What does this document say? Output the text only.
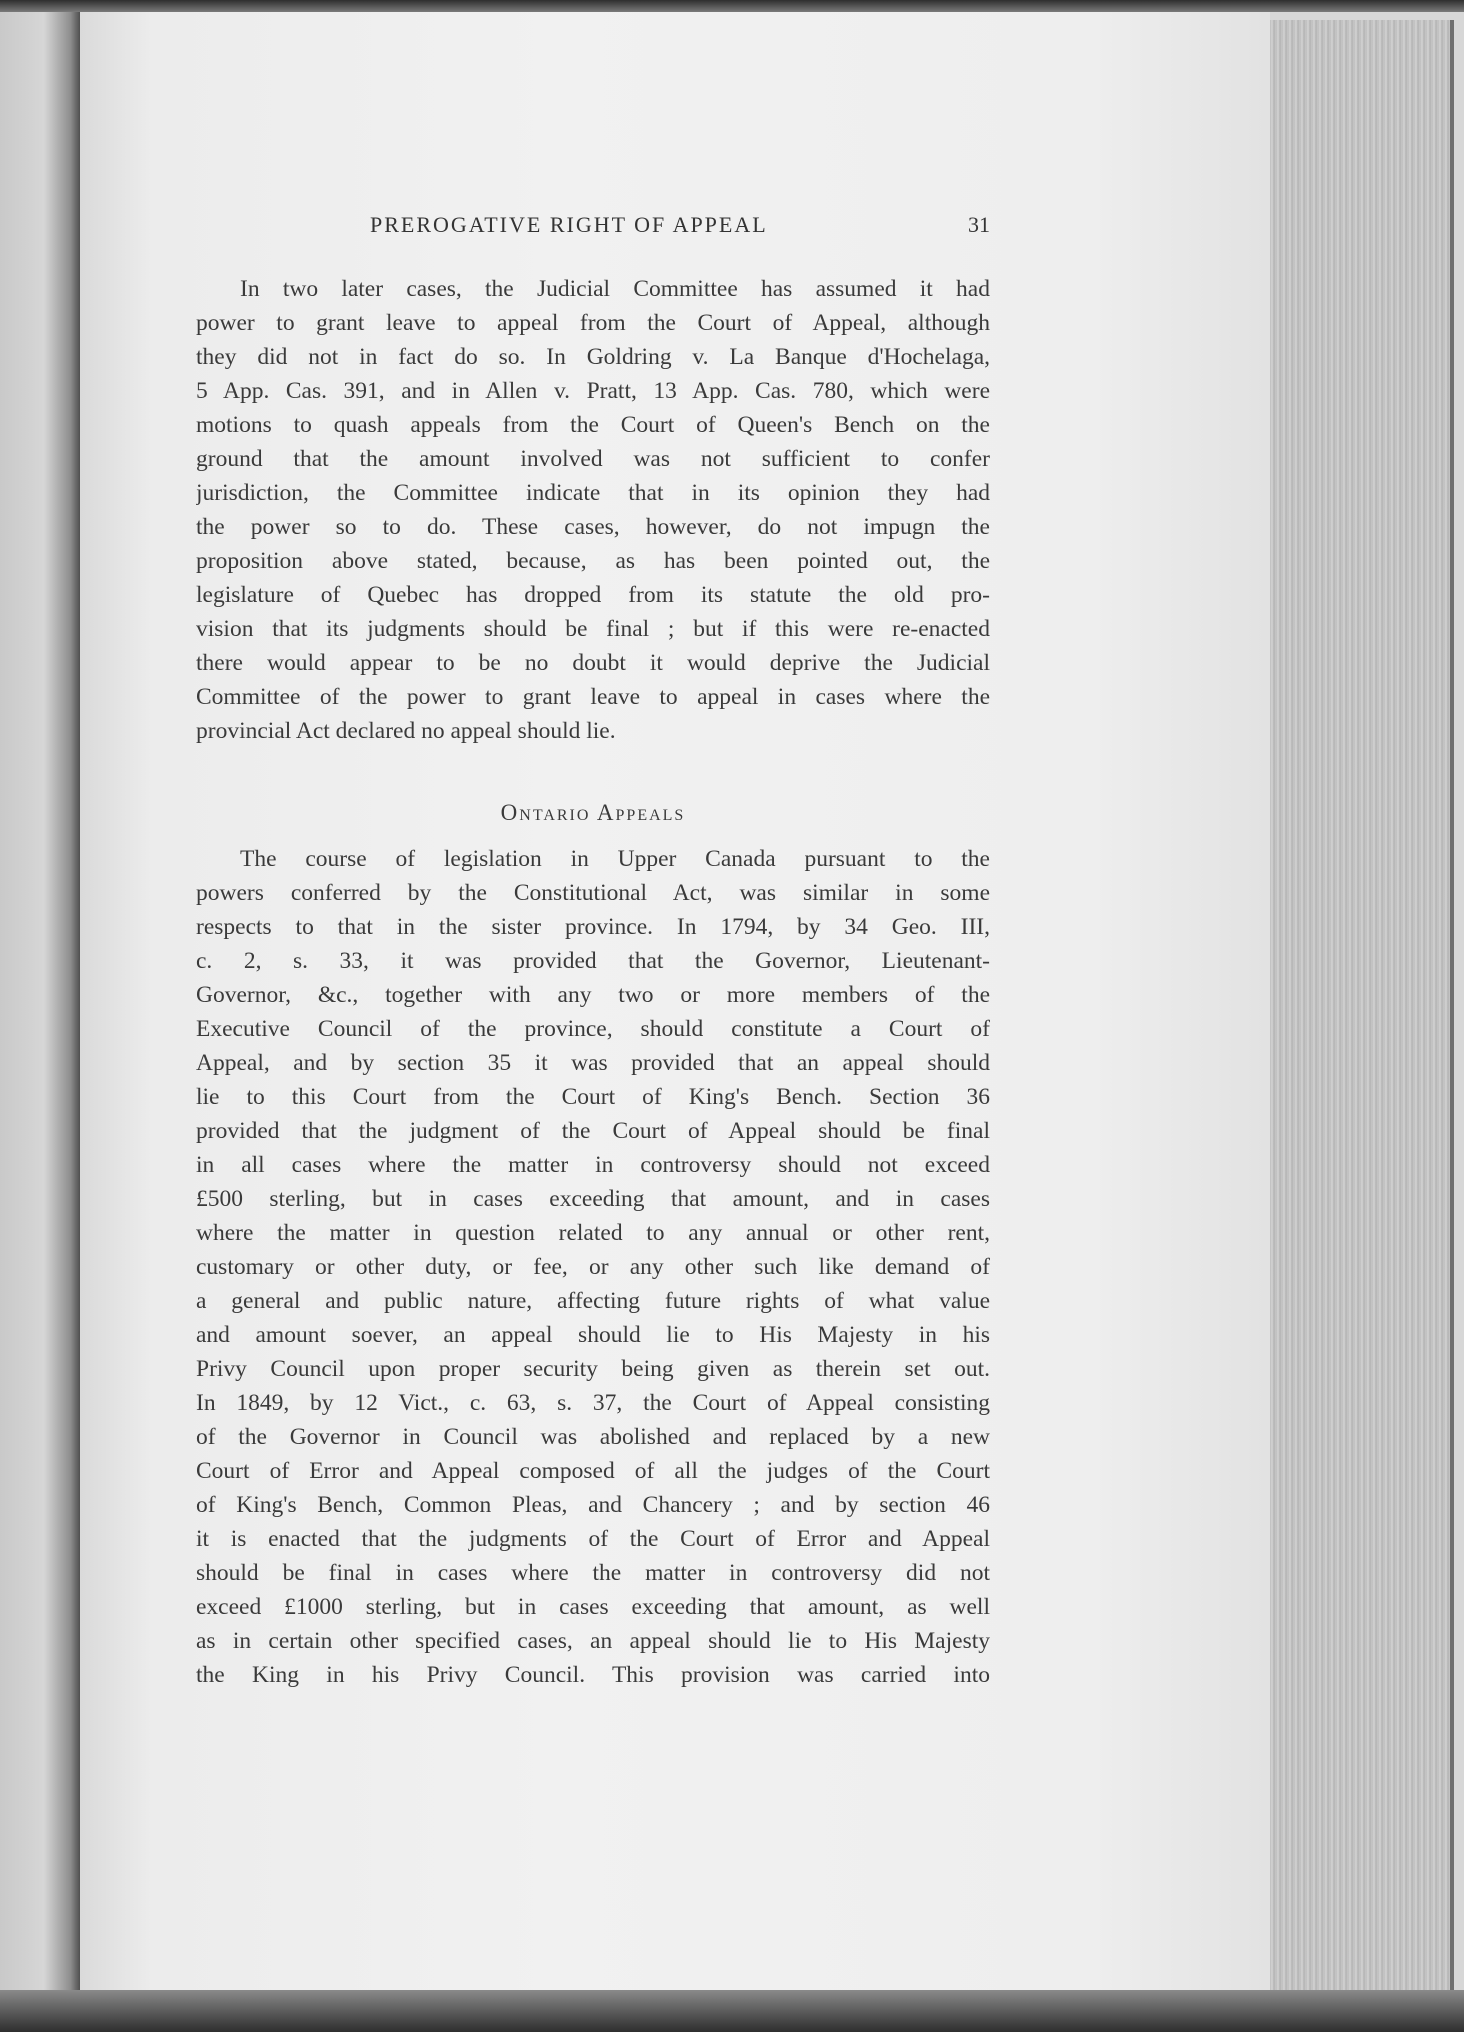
PREROGATIVE RIGHT OF APPEAL	31
In two later cases, the Judicial Committee has assumed it had
power to grant leave to appeal from the Court of Appeal, although
they did not in fact do so. In Goldring v. La Banque d'Hochelaga,
5 App. Cas. 391, and in Allen v. Pratt, 13 App. Cas. 780, which were
motions to quash appeals from the Court of Queen's Bench on the
ground that the amount involved was not sufficient to confer
jurisdiction, the Committee indicate that in its opinion they had
the power so to do. These cases, however, do not impugn the
proposition above stated, because, as has been pointed out, the
legislature of Quebec has dropped from its statute the old pro-
vision that its judgments should be final ; but if this were re-enacted
there would appear to be no doubt it would deprive the Judicial
Committee of the power to grant leave to appeal in cases where the
provincial Act declared no appeal should lie.
Ontario Appeals
The course of legislation in Upper Canada pursuant to the
powers conferred by the Constitutional Act, was similar in some
respects to that in the sister province. In 1794, by 34 Geo. III,
c. 2, s. 33, it was provided that the Governor, Lieutenant-
Governor, &c., together with any two or more members of the
Executive Council of the province, should constitute a Court of
Appeal, and by section 35 it was provided that an appeal should
lie to this Court from the Court of King's Bench. Section 36
provided that the judgment of the Court of Appeal should be final
in all cases where the matter in controversy should not exceed
£500 sterling, but in cases exceeding that amount, and in cases
where the matter in question related to any annual or other rent,
customary or other duty, or fee, or any other such like demand of
a general and public nature, affecting future rights of what value
and amount soever, an appeal should lie to His Majesty in his
Privy Council upon proper security being given as therein set out.
In 1849, by 12 Vict., c. 63, s. 37, the Court of Appeal consisting
of the Governor in Council was abolished and replaced by a new
Court of Error and Appeal composed of all the judges of the Court
of King's Bench, Common Pleas, and Chancery ; and by section 46
it is enacted that the judgments of the Court of Error and Appeal
should be final in cases where the matter in controversy did not
exceed £1000 sterling, but in cases exceeding that amount, as well
as in certain other specified cases, an appeal should lie to His Majesty
the King in his Privy Council. This provision was carried into
